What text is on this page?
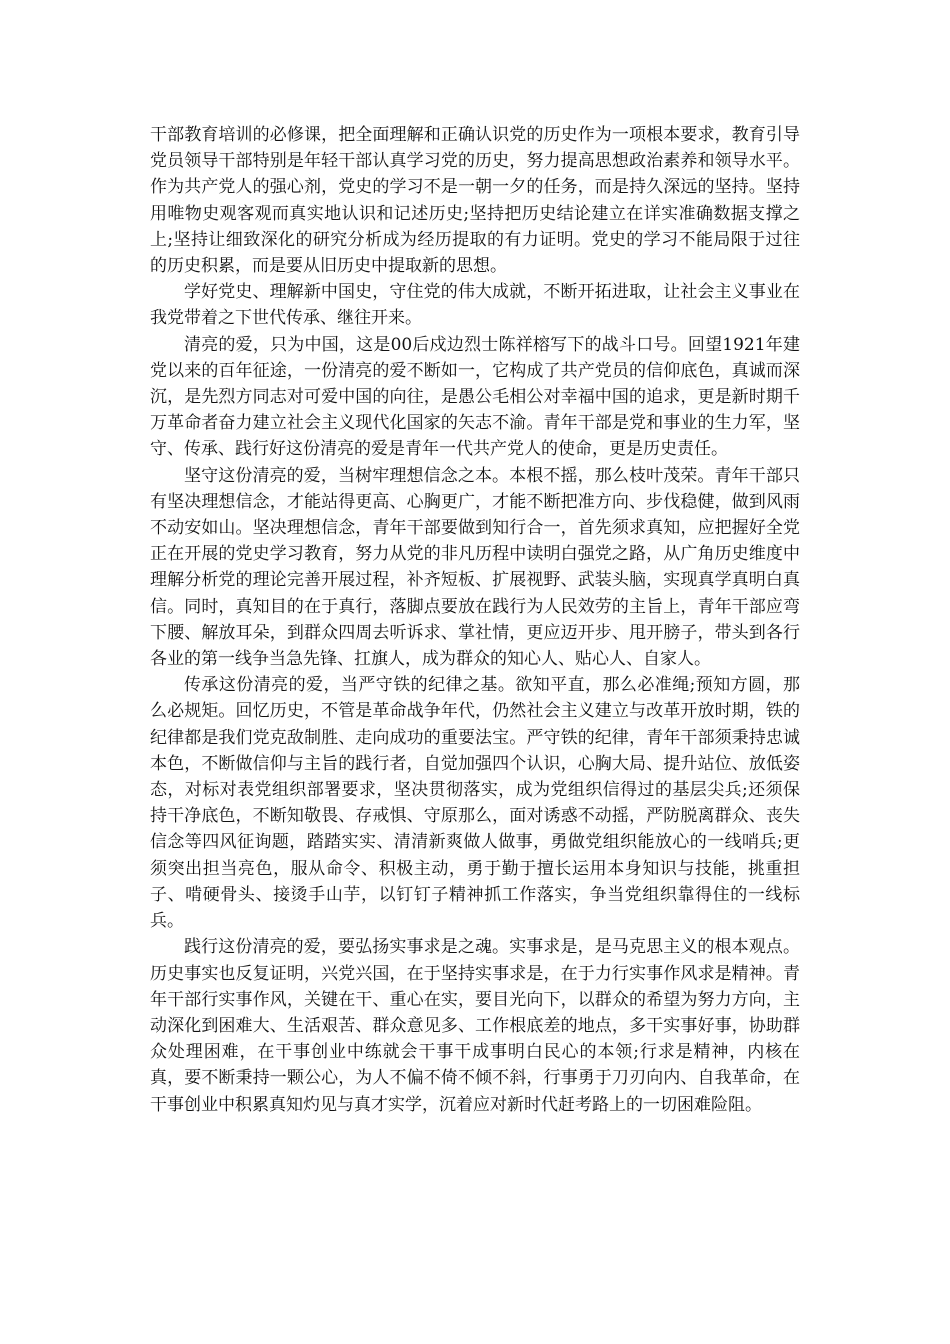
干部教育培训的必修课，把全面理解和正确认识党的历史作为一项根本要求，教育引导党员领导干部特别是年轻干部认真学习党的历史，努力提高思想政治素养和领导水平。作为共产党人的强心剂，党史的学习不是一朝一夕的任务，而是持久深远的坚持。坚持用唯物史观客观而真实地认识和记述历史;坚持把历史结论建立在详实准确数据支撑之上;坚持让细致深化的研究分析成为经历提取的有力证明。党史的学习不能局限于过往的历史积累，而是要从旧历史中提取新的思想。

学好党史、理解新中国史，守住党的伟大成就，不断开拓进取，让社会主义事业在我党带着之下世代传承、继往开来。

清亮的爱，只为中国，这是00后戍边烈士陈祥榕写下的战斗口号。回望1921年建党以来的百年征途，一份清亮的爱不断如一，它构成了共产党员的信仰底色，真诚而深沉，是先烈方同志对可爱中国的向往，是愚公毛相公对幸福中国的追求，更是新时期千万革命者奋力建立社会主义现代化国家的矢志不渝。青年干部是党和事业的生力军，坚守、传承、践行好这份清亮的爱是青年一代共产党人的使命，更是历史责任。

坚守这份清亮的爱，当树牢理想信念之本。本根不摇，那么枝叶茂荣。青年干部只有坚决理想信念，才能站得更高、心胸更广，才能不断把准方向、步伐稳健，做到风雨不动安如山。坚决理想信念，青年干部要做到知行合一，首先须求真知，应把握好全党正在开展的党史学习教育，努力从党的非凡历程中读明白强党之路，从广角历史维度中理解分析党的理论完善开展过程，补齐短板、扩展视野、武装头脑，实现真学真明白真信。同时，真知目的在于真行，落脚点要放在践行为人民效劳的主旨上，青年干部应弯下腰、解放耳朵，到群众四周去听诉求、掌社情，更应迈开步、甩开膀子，带头到各行各业的第一线争当急先锋、扛旗人，成为群众的知心人、贴心人、自家人。

传承这份清亮的爱，当严守铁的纪律之基。欲知平直，那么必准绳;预知方圆，那么必规矩。回忆历史，不管是革命战争年代，仍然社会主义建立与改革开放时期，铁的纪律都是我们党克敌制胜、走向成功的重要法宝。严守铁的纪律，青年干部须秉持忠诚本色，不断做信仰与主旨的践行者，自觉加强四个认识，心胸大局、提升站位、放低姿态，对标对表党组织部署要求，坚决贯彻落实，成为党组织信得过的基层尖兵;还须保持干净底色，不断知敬畏、存戒惧、守原那么，面对诱惑不动摇，严防脱离群众、丧失信念等四风征询题，踏踏实实、清清新爽做人做事，勇做党组织能放心的一线哨兵;更须突出担当亮色，服从命令、积极主动，勇于勤于擅长运用本身知识与技能，挑重担子、啃硬骨头、接烫手山芋，以钉钉子精神抓工作落实，争当党组织靠得住的一线标兵。

践行这份清亮的爱，要弘扬实事求是之魂。实事求是，是马克思主义的根本观点。历史事实也反复证明，兴党兴国，在于坚持实事求是，在于力行实事作风求是精神。青年干部行实事作风，关键在干、重心在实，要目光向下，以群众的希望为努力方向，主动深化到困难大、生活艰苦、群众意见多、工作根底差的地点，多干实事好事，协助群众处理困难，在干事创业中练就会干事干成事明白民心的本领;行求是精神，内核在真，要不断秉持一颗公心，为人不偏不倚不倾不斜，行事勇于刀刃向内、自我革命，在干事创业中积累真知灼见与真才实学，沉着应对新时代赶考路上的一切困难险阻。
